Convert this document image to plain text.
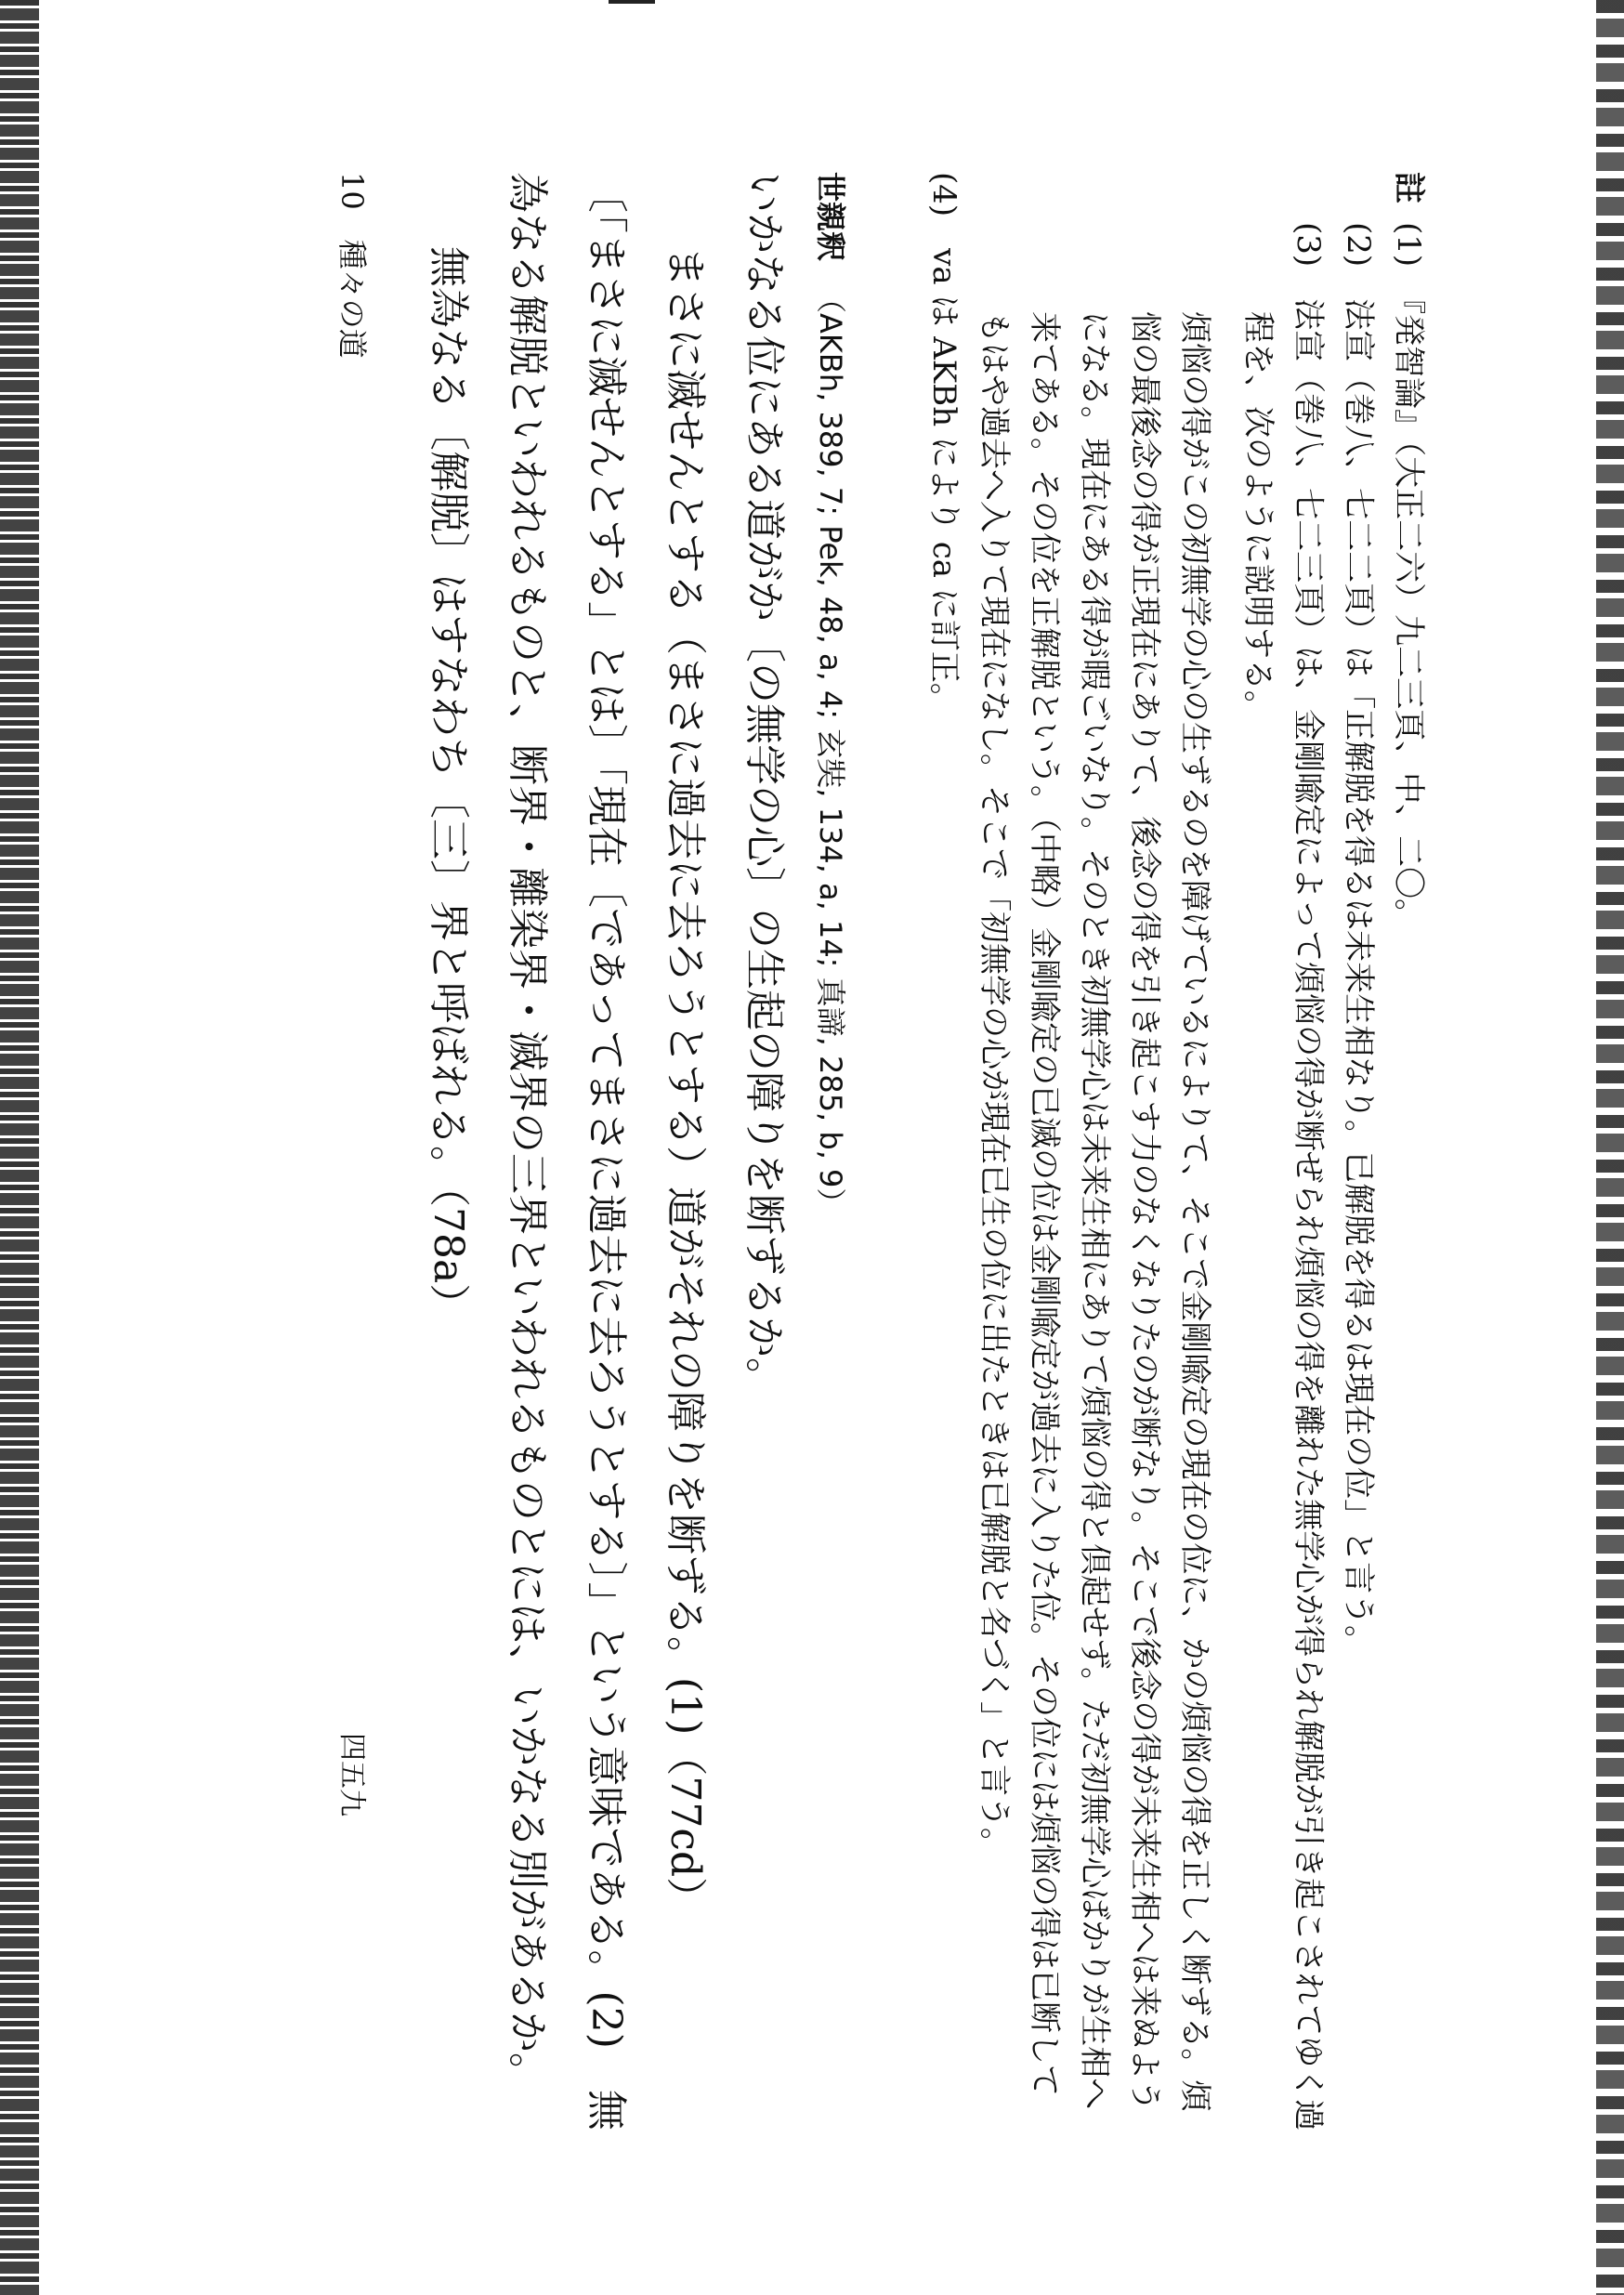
註
(1)　『発智論』（大正二六）九二三頁、中、二〇。
(2)　法宣（巻八、七二二頁）は「正解脱を得るは未来生相なり。已解脱を得るは現在の位」と言う。
(3)　法宣（巻八、七二三頁）は、金剛喩定によって煩悩の得が断ぜられ煩悩の得を離れた無学心が得られ解脱が引き起こされてゆく過
程を、次のように説明する。
煩悩の得がこの初無学の心の生ずるのを障げているによりて、そこで金剛喩定の現在の位に、かの煩悩の得を正しく断ずる。煩
悩の最後念の得が正現在にありて、後念の得を引き起こす力のなくなりたのが断なり。そこで後念の得が未来生相へは来ぬよう
になる。現在にある得が暇ごいなり。そのとき初無学心は未来生相にありて煩悩の得と倶起せず。ただ初無学心ばかりが生相へ
来てある。その位を正解脱という。（中略）金剛喩定の已滅の位は金剛喩定が過去に入りた位。その位には煩悩の得は已断して
もはや過去へ入りて現在になし。そこで「初無学の心が現在已生の位に出たときは已解脱と名づく」と言う。
(4)　va は AKBh により ca に訂正。
世親釈
（AKBh, 389, 7; Pek, 48, a, 4; 玄奘, 134, a, 14; 真諦, 285, b, 9）
いかなる位にある道がか〔の無学の心〕の生起の障りを断ずるか。
まさに滅せんとする（まさに過去に去ろうとする）道がそれの障りを断ずる。(1)（77cd）
〔「まさに滅せんとする」とは〕「現在〔であってまさに過去に去ろうとする〕」という意味である。(2)　無
為なる解脱といわれるものと、断界・離染界・滅界の三界といわれるものとには、いかなる別があるか。
無為なる〔解脱〕はすなわち〔三〕界と呼ばれる。（78a）
10　種々の道
四五九
